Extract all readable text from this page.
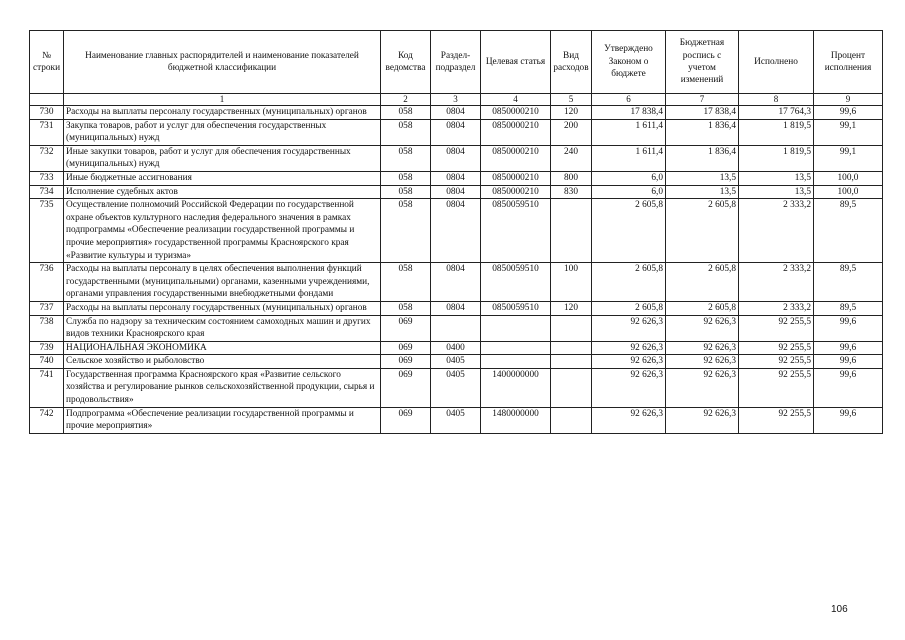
№ строки	Наименование главных распорядителей и наименование показателей бюджетной классификации	Код ведомства	Раздел-подраздел	Целевая статья	Вид расходов	Утверждено Законом о бюджете	Бюджетная роспись с учетом изменений	Исполнено	Процент исполнения
	1	2	3	4	5	6	7	8	9
730	Расходы на выплаты персоналу государственных (муниципальных) органов	058	0804	0850000210	120	17 838,4	17 838,4	17 764,3	99,6
731	Закупка товаров, работ и услуг для обеспечения государственных (муниципальных) нужд	058	0804	0850000210	200	1 611,4	1 836,4	1 819,5	99,1
732	Иные закупки товаров, работ и услуг для обеспечения государственных (муниципальных) нужд	058	0804	0850000210	240	1 611,4	1 836,4	1 819,5	99,1
733	Иные бюджетные ассигнования	058	0804	0850000210	800	6,0	13,5	13,5	100,0
734	Исполнение судебных актов	058	0804	0850000210	830	6,0	13,5	13,5	100,0
735	Осуществление полномочий Российской Федерации по государственной охране объектов культурного наследия федерального значения в рамках подпрограммы «Обеспечение реализации государственной программы и прочие мероприятия» государственной программы Красноярского края «Развитие культуры и туризма»	058	0804	0850059510		2 605,8	2 605,8	2 333,2	89,5
736	Расходы на выплаты персоналу в целях обеспечения выполнения функций государственными (муниципальными) органами, казенными учреждениями, органами управления государственными внебюджетными фондами	058	0804	0850059510	100	2 605,8	2 605,8	2 333,2	89,5
737	Расходы на выплаты персоналу государственных (муниципальных) органов	058	0804	0850059510	120	2 605,8	2 605,8	2 333,2	89,5
738	Служба по надзору за техническим состоянием самоходных машин и других видов техники Красноярского края	069				92 626,3	92 626,3	92 255,5	99,6
739	НАЦИОНАЛЬНАЯ ЭКОНОМИКА	069	0400			92 626,3	92 626,3	92 255,5	99,6
740	Сельское хозяйство и рыболовство	069	0405			92 626,3	92 626,3	92 255,5	99,6
741	Государственная программа Красноярского края «Развитие сельского хозяйства и регулирование рынков сельскохозяйственной продукции, сырья и продовольствия»	069	0405	1400000000		92 626,3	92 626,3	92 255,5	99,6
742	Подпрограмма «Обеспечение реализации государственной программы и прочие мероприятия»	069	0405	1480000000		92 626,3	92 626,3	92 255,5	99,6
106
